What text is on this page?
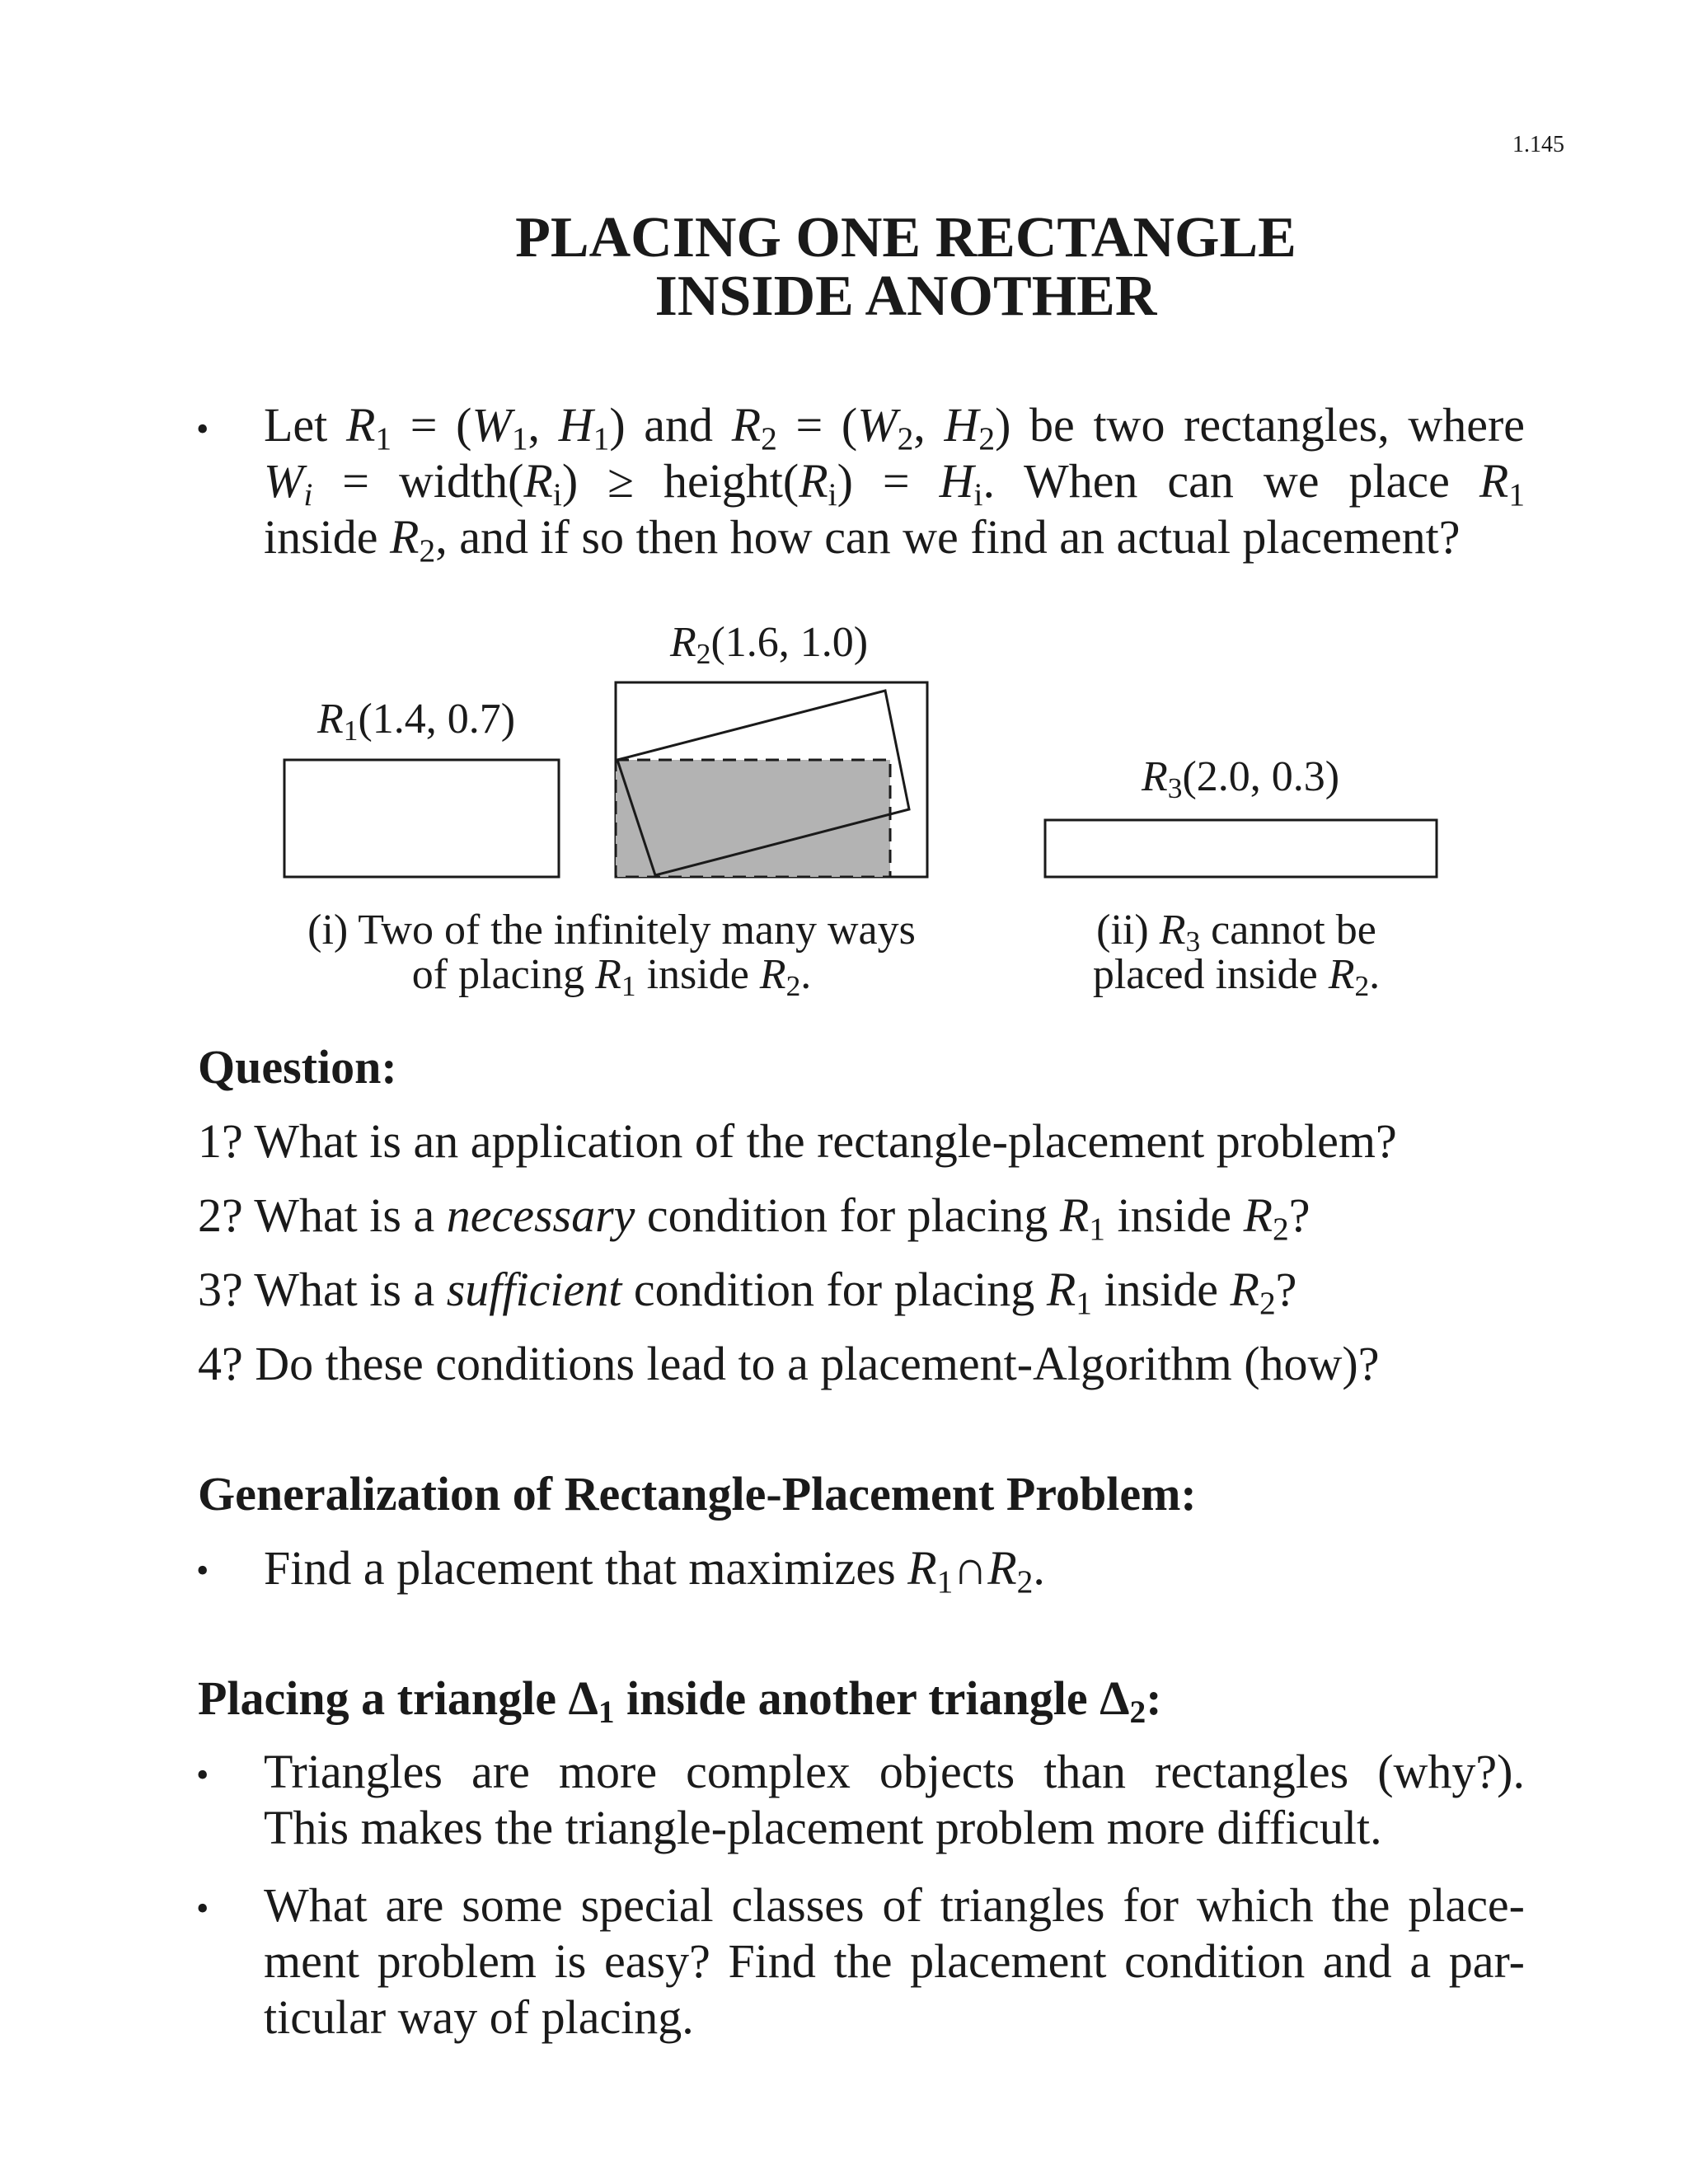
1.145
PLACING ONE RECTANGLE
INSIDE ANOTHER
• Let $R_1 = (W_1$, $H_1$) and $R_2 = (W_2$, $H_2$) be two rectangles, where
$W_i$ = $width(R_i)$ ≥ $height(R_i) = H_i$. When can we place $R_1$
inside $R_2$, and if so then how can we find an actual placement?
$R_1(1.4$, 0.7)
$R_2(1.6$, 1.0)
$R_3(2.0$, 0.3)
(i) Two of the infinitely many ways
of placing $R_1$ inside $R_2$.
(ii) $R_3$ cannot be
placed inside $R_2$.
Question:
1? What is an application of the rectangle-placement problem?
2? What is a necessary condition for placing $R_1$ inside $R_2$?
3? What is a sufficient condition for placing $R_1$ inside $R_2$?
4? Do these conditions lead to a placement-Algorithm (how)?
Generalization of Rectangle-Placement Problem:
• Find a placement that maximizes $R_1\cap R_2$.
Placing a triangle $\Delta_1$ inside another triangle $\Delta_2$:
• Triangles are more complex objects than rectangles (why?).
This makes the triangle-placement problem more difficult.
• What are some special classes of triangles for which the place-
ment problem is easy? Find the placement condition and a par-
ticular way of placing.
